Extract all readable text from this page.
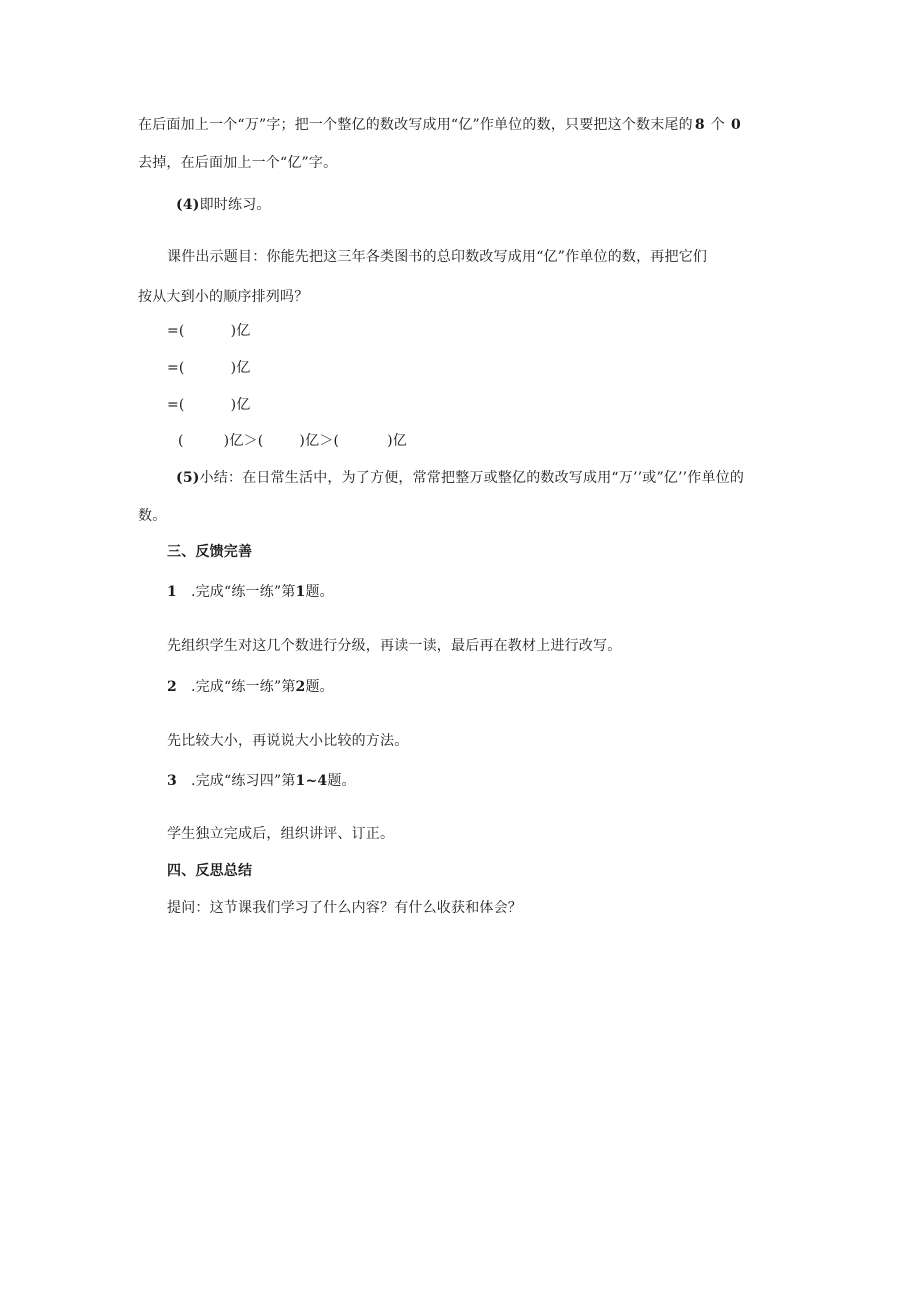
在后面加上一个“万”字；把一个整亿的数改写成用“亿”作单位的数，只要把这个数末尾的 8 个 0
去掉，在后面加上一个“亿”字。
(4)即时练习。
课件出示题目：你能先把这三年各类图书的总印数改写成用“亿”作单位的数，再把它们
按从大到小的顺序排列吗？
=(	)亿
=(	)亿
=(	)亿
(	)亿＞(	)亿＞(	)亿
(5)小结：在日常生活中，为了方便，常常把整万或整亿的数改写成用“万’’或”亿’’作单位的
数。
三、反馈完善
1 .完成“练一练”第1题。
先组织学生对这几个数进行分级，再读一读，最后再在教材上进行改写。
2 .完成“练一练”第2题。
先比较大小，再说说大小比较的方法。
3 .完成“练习四”第1~4题。
学生独立完成后，组织讲评、订正。
四、反思总结
提问：这节课我们学习了什么内容？有什么收获和体会？
